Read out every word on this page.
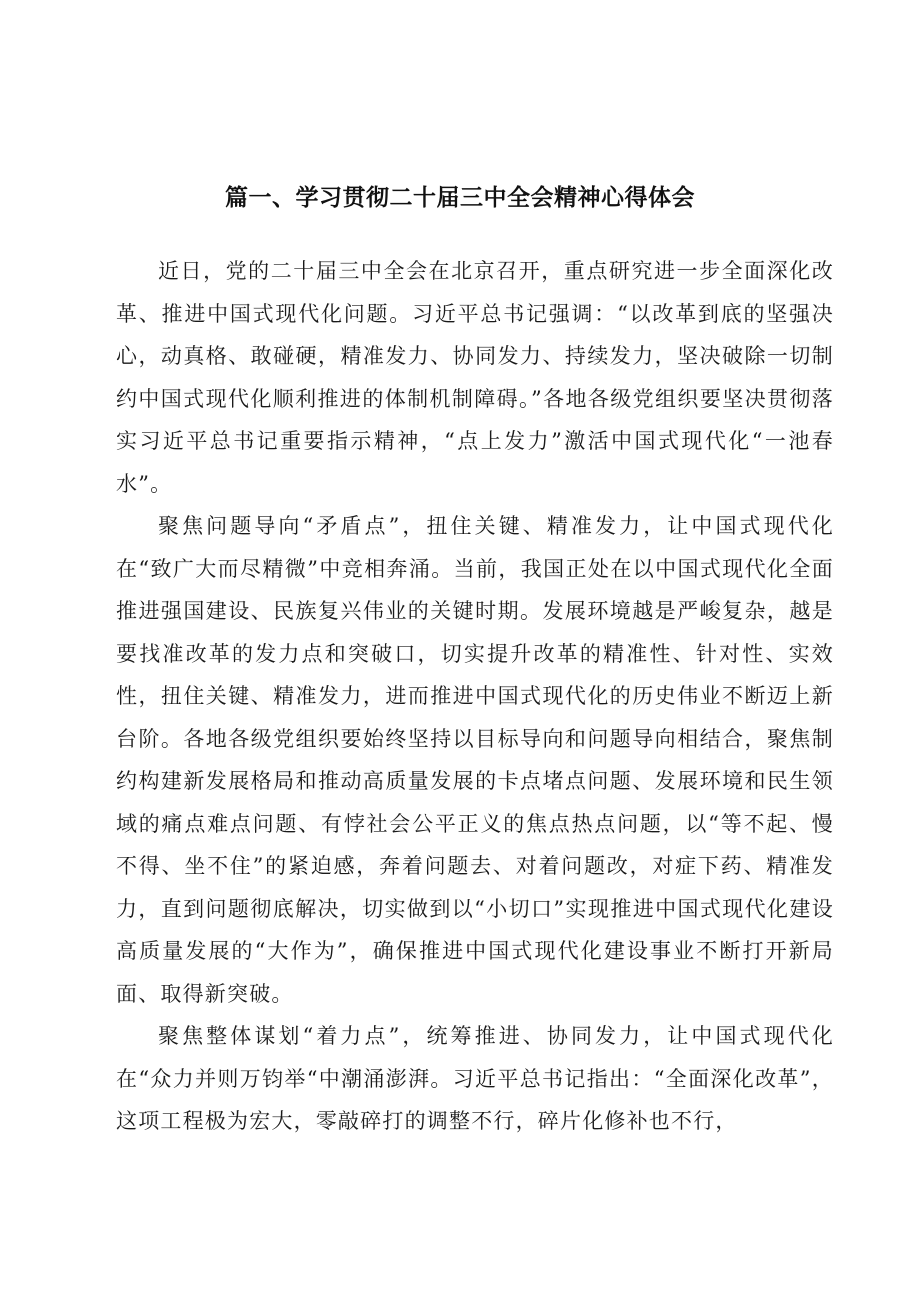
篇一、学习贯彻二十届三中全会精神心得体会

近日，党的二十届三中全会在北京召开，重点研究进一步全面深化改革、推进中国式现代化问题。习近平总书记强调：“以改革到底的坚强决心，动真格、敢碰硬，精准发力、协同发力、持续发力，坚决破除一切制约中国式现代化顺利推进的体制机制障碍。”各地各级党组织要坚决贯彻落实习近平总书记重要指示精神，“点上发力”激活中国式现代化“一池春水”。

聚焦问题导向“矛盾点”，扭住关键、精准发力，让中国式现代化在“致广大而尽精微”中竞相奔涌。当前，我国正处在以中国式现代化全面推进强国建设、民族复兴伟业的关键时期。发展环境越是严峻复杂，越是要找准改革的发力点和突破口，切实提升改革的精准性、针对性、实效性，扭住关键、精准发力，进而推进中国式现代化的历史伟业不断迈上新台阶。各地各级党组织要始终坚持以目标导向和问题导向相结合，聚焦制约构建新发展格局和推动高质量发展的卡点堵点问题、发展环境和民生领域的痛点难点问题、有悖社会公平正义的焦点热点问题，以“等不起、慢不得、坐不住”的紧迫感，奔着问题去、对着问题改，对症下药、精准发力，直到问题彻底解决，切实做到以“小切口”实现推进中国式现代化建设高质量发展的“大作为”，确保推进中国式现代化建设事业不断打开新局面、取得新突破。

聚焦整体谋划“着力点”，统筹推进、协同发力，让中国式现代化在“众力并则万钧举“中潮涌澎湃。习近平总书记指出：“全面深化改革”，这项工程极为宏大，零敲碎打的调整不行，碎片化修补也不行，
